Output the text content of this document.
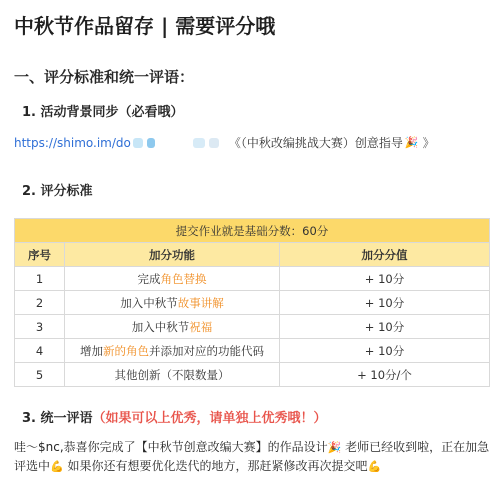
中秋节作品留存 | 需要评分哦
一、评分标准和统一评语：
1. 活动背景同步（必看哦）
https://shimo.im/do	《（中秋改编挑战大赛）创意指导 🎉 》
2. 评分标准
提交作业就是基础分数：60分		
序号	加分功能	加分分值
1	完成角色替换	+ 10分
2	加入中秋节故事讲解	+ 10分
3	加入中秋节祝福	+ 10分
4	增加新的角色并添加对应的功能代码	+ 10分
5	其他创新（不限数量）	+ 10分/个
3. 统一评语（如果可以上优秀，请单独上优秀哦！）
哇～$nc,恭喜你完成了【中秋节创意改编大赛】的作品设计🎉 老师已经收到啦，正在加急评选中💪 如果你还有想要优化迭代的地方，那赶紧修改再次提交吧💪
